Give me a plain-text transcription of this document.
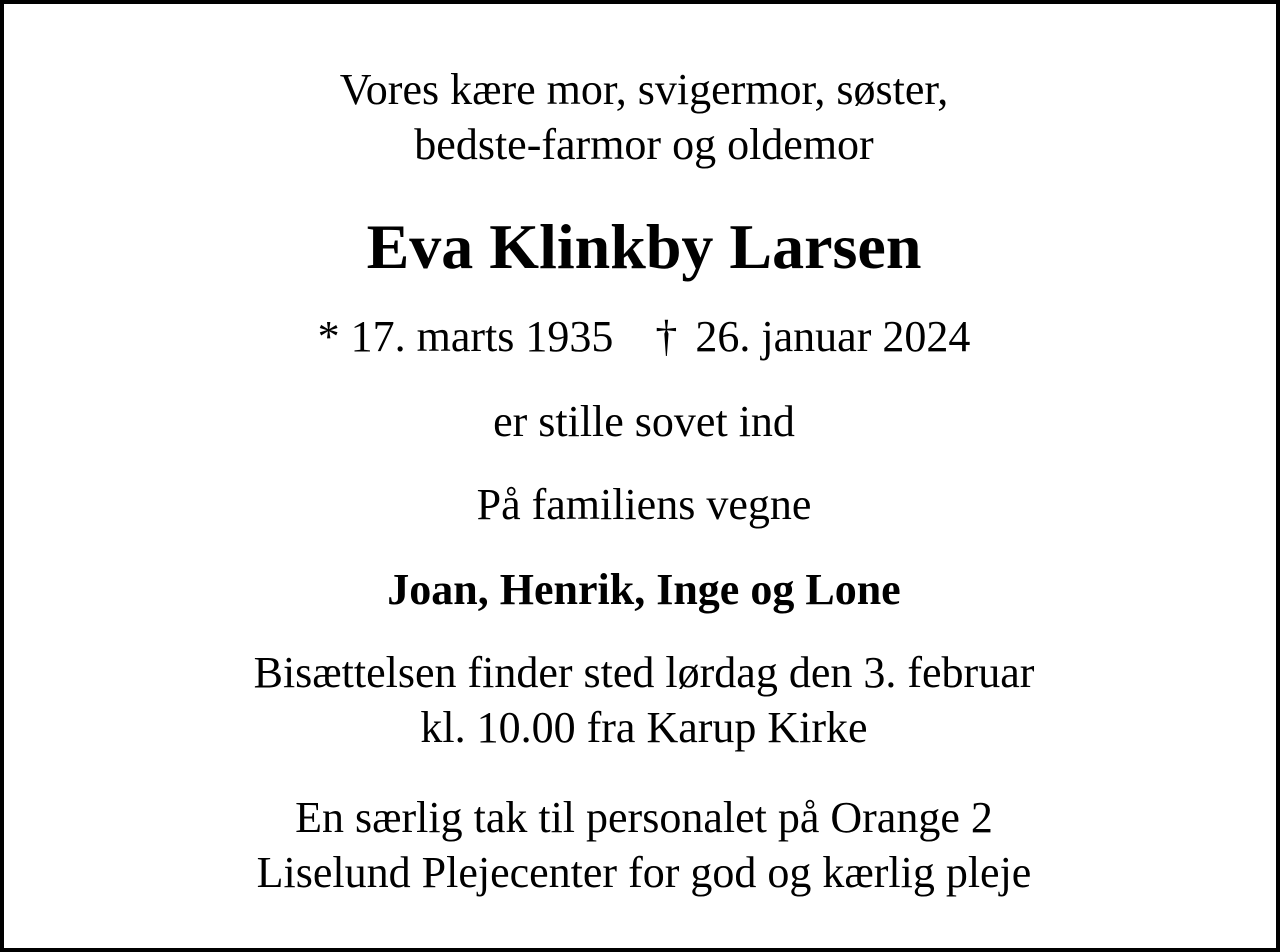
Vores kære mor, svigermor, søster,
bedste-farmor og oldemor

Eva Klinkby Larsen

* 17. marts 1935 † 26. januar 2024

er stille sovet ind

På familiens vegne

Joan, Henrik, Inge og Lone

Bisættelsen finder sted lørdag den 3. februar
kl. 10.00 fra Karup Kirke

En særlig tak til personalet på Orange 2
Liselund Plejecenter for god og kærlig pleje
